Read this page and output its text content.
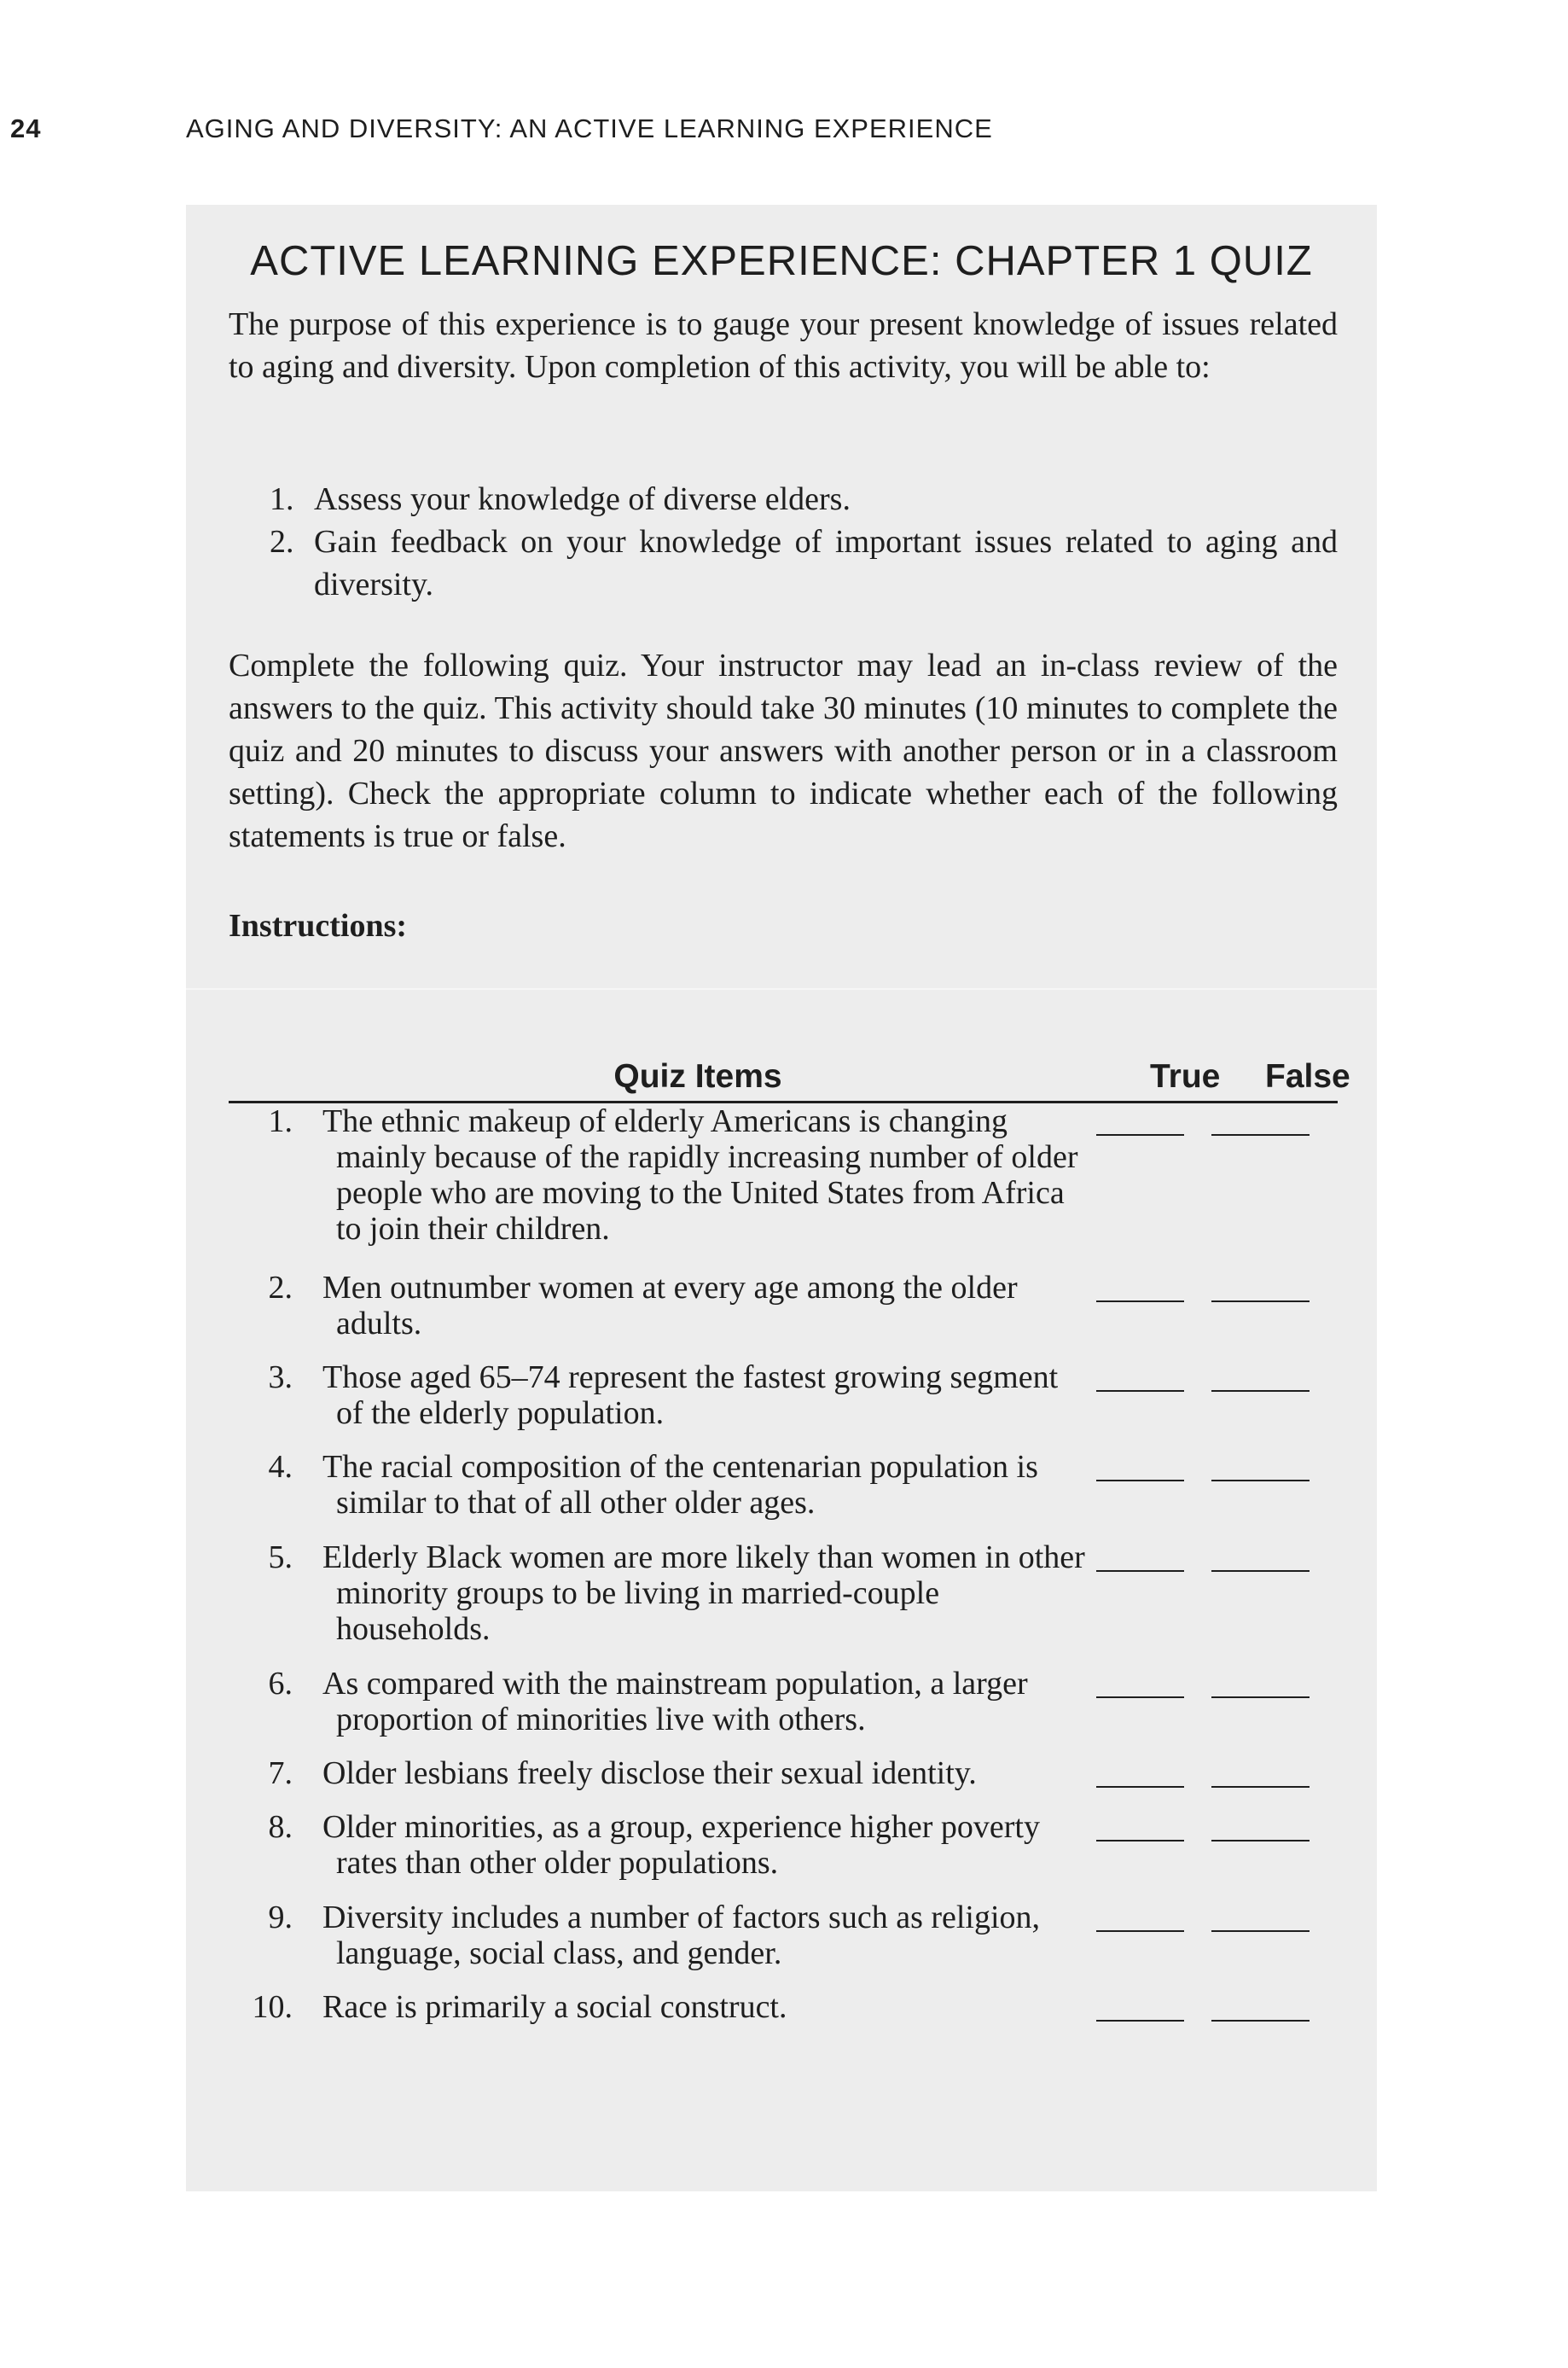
24	AGING AND DIVERSITY: AN ACTIVE LEARNING EXPERIENCE
ACTIVE LEARNING EXPERIENCE: CHAPTER 1 QUIZ
The purpose of this experience is to gauge your present knowledge of issues related to aging and diversity. Upon completion of this activity, you will be able to:
1. Assess your knowledge of diverse elders.
2. Gain feedback on your knowledge of important issues related to aging and diversity.
Complete the following quiz. Your instructor may lead an in-class review of the answers to the quiz. This activity should take 30 minutes (10 minutes to complete the quiz and 20 minutes to discuss your answers with another person or in a classroom setting). Check the appropriate column to indicate whether each of the following statements is true or false.
Instructions:
Quiz Items	True False
1. The ethnic makeup of elderly Americans is changing mainly because of the rapidly increasing number of older people who are moving to the United States from Africa to join their children.
2. Men outnumber women at every age among the older adults.
3. Those aged 65–74 represent the fastest growing segment of the elderly population.
4. The racial composition of the centenarian population is similar to that of all other older ages.
5. Elderly Black women are more likely than women in other minority groups to be living in married-couple households.
6. As compared with the mainstream population, a larger proportion of minorities live with others.
7. Older lesbians freely disclose their sexual identity.
8. Older minorities, as a group, experience higher poverty rates than other older populations.
9. Diversity includes a number of factors such as religion, language, social class, and gender.
10. Race is primarily a social construct.
